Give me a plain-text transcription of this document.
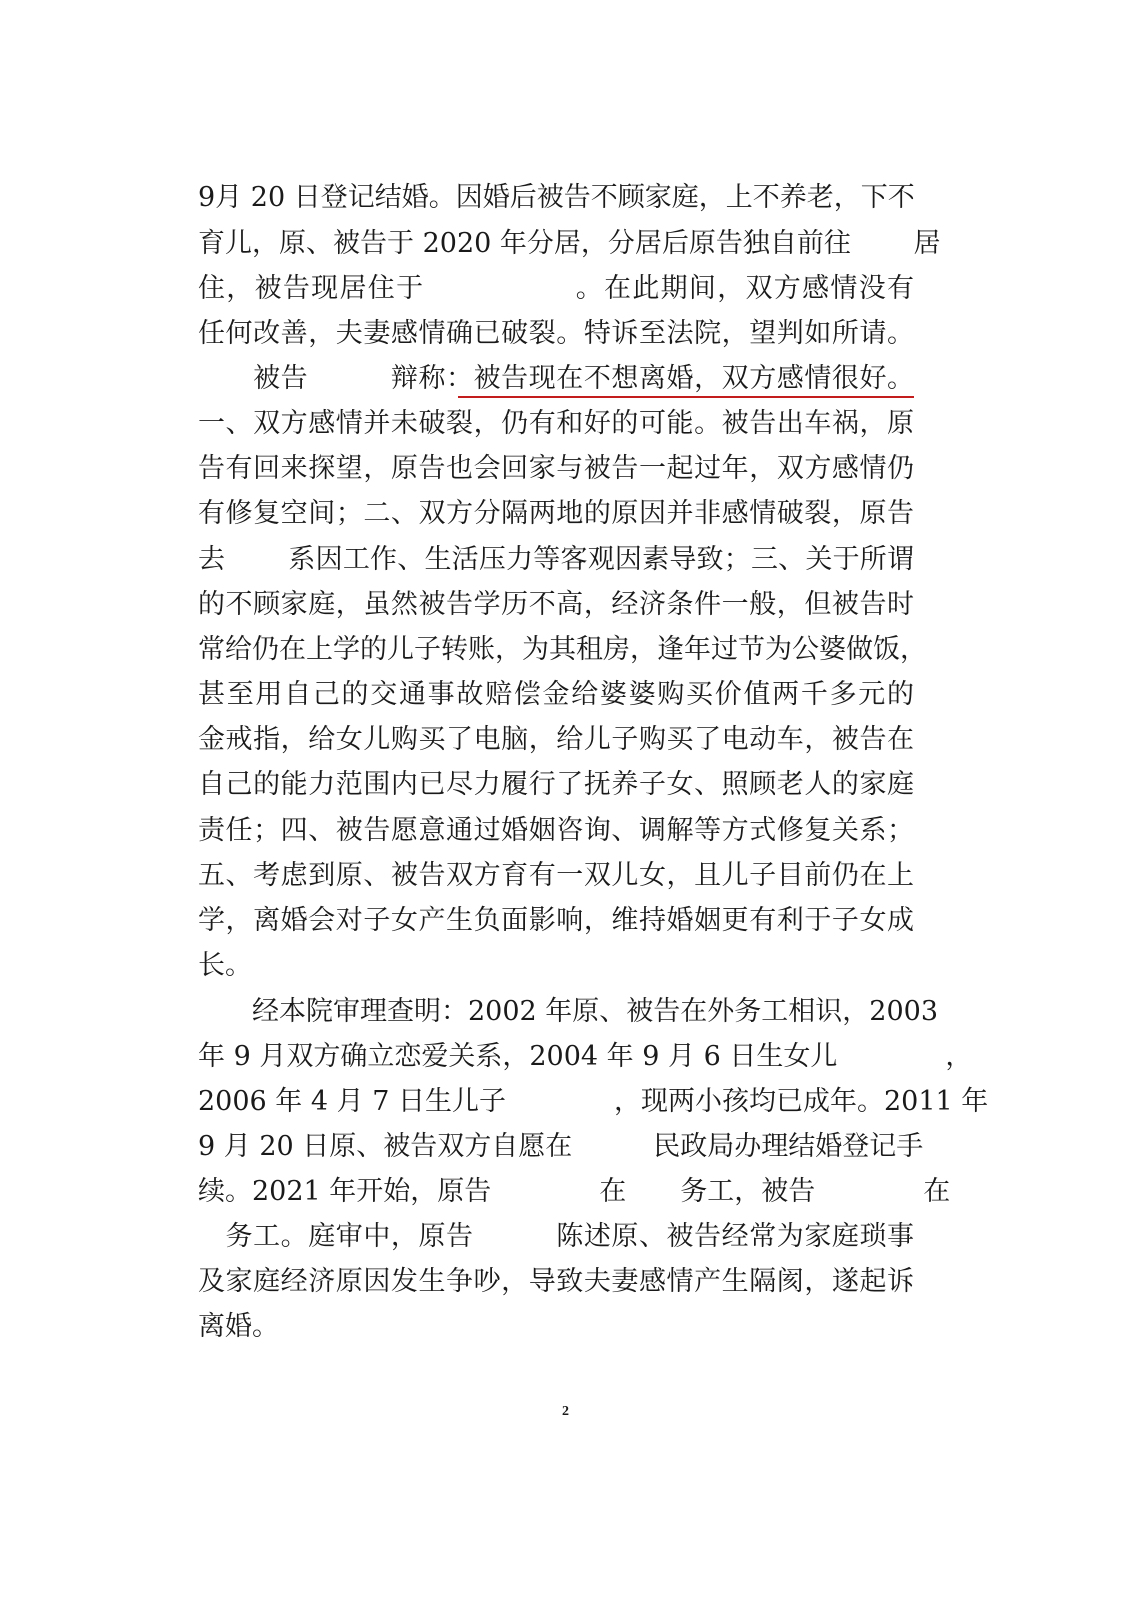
9月 20 日登记结婚。因婚后被告不顾家庭，上不养老，下不
育儿，原、被告于 2020 年分居，分居后原告独自前往　　 居
住，被告现居住于　　　　　 。在此期间，双方感情没有
任何改善，夫妻感情确已破裂。特诉至法院，望判如所请。
　　被告　　　辩称：被告现在不想离婚，双方感情很好。
一、双方感情并未破裂，仍有和好的可能。被告出车祸，原
告有回来探望，原告也会回家与被告一起过年，双方感情仍
有修复空间；二、双方分隔两地的原因并非感情破裂，原告
去　　 系因工作、生活压力等客观因素导致；三、关于所谓
的不顾家庭，虽然被告学历不高，经济条件一般，但被告时
常给仍在上学的儿子转账，为其租房，逢年过节为公婆做饭，
甚至用自己的交通事故赔偿金给婆婆购买价值两千多元的
金戒指，给女儿购买了电脑，给儿子购买了电动车，被告在
自己的能力范围内已尽力履行了抚养子女、照顾老人的家庭
责任；四、被告愿意通过婚姻咨询、调解等方式修复关系；
五、考虑到原、被告双方育有一双儿女，且儿子目前仍在上
学，离婚会对子女产生负面影响，维持婚姻更有利于子女成
长。
　　经本院审理查明：2002 年原、被告在外务工相识，2003
年 9 月双方确立恋爱关系，2004 年 9 月 6 日生女儿　　　　，
2006 年 4 月 7 日生儿子　　　　，现两小孩均已成年。2011 年
9 月 20 日原、被告双方自愿在　　　民政局办理结婚登记手
续。2021 年开始，原告　　　　在　　务工，被告　　　　在
　务工。庭审中，原告　　　陈述原、被告经常为家庭琐事
及家庭经济原因发生争吵，导致夫妻感情产生隔阂，遂起诉
离婚。
2
